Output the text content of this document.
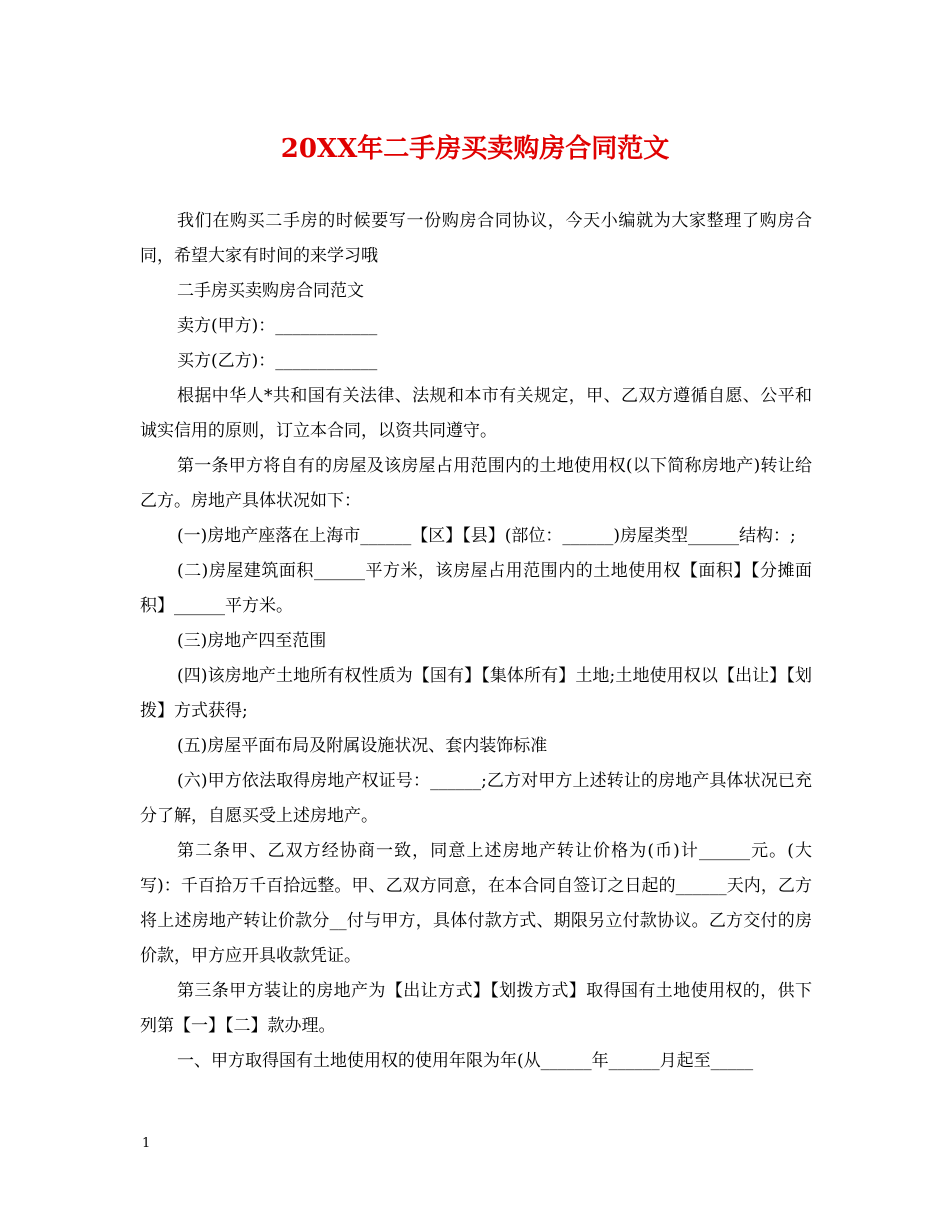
20XX年二手房买卖购房合同范文

我们在购买二手房的时候要写一份购房合同协议，今天小编就为大家整理了购房合同，希望大家有时间的来学习哦

二手房买卖购房合同范文

卖方(甲方)：____________

买方(乙方)：____________

根据中华人*共和国有关法律、法规和本市有关规定，甲、乙双方遵循自愿、公平和诚实信用的原则，订立本合同，以资共同遵守。

第一条甲方将自有的房屋及该房屋占用范围内的土地使用权(以下简称房地产)转让给乙方。房地产具体状况如下：

(一)房地产座落在上海市______【区】【县】(部位：______)房屋类型______结构：;

(二)房屋建筑面积______平方米，该房屋占用范围内的土地使用权【面积】【分摊面积】______平方米。

(三)房地产四至范围

(四)该房地产土地所有权性质为【国有】【集体所有】土地;土地使用权以【出让】【划拨】方式获得;

(五)房屋平面布局及附属设施状况、套内装饰标准

(六)甲方依法取得房地产权证号：______;乙方对甲方上述转让的房地产具体状况已充分了解，自愿买受上述房地产。

第二条甲、乙双方经协商一致，同意上述房地产转让价格为(币)计______元。(大写)：千百拾万千百拾远整。甲、乙双方同意，在本合同自签订之日起的______天内，乙方将上述房地产转让价款分__付与甲方，具体付款方式、期限另立付款协议。乙方交付的房价款，甲方应开具收款凭证。

第三条甲方装让的房地产为【出让方式】【划拨方式】取得国有土地使用权的，供下列第【一】【二】款办理。

一、甲方取得国有土地使用权的使用年限为年(从______年______月起至_____

1
